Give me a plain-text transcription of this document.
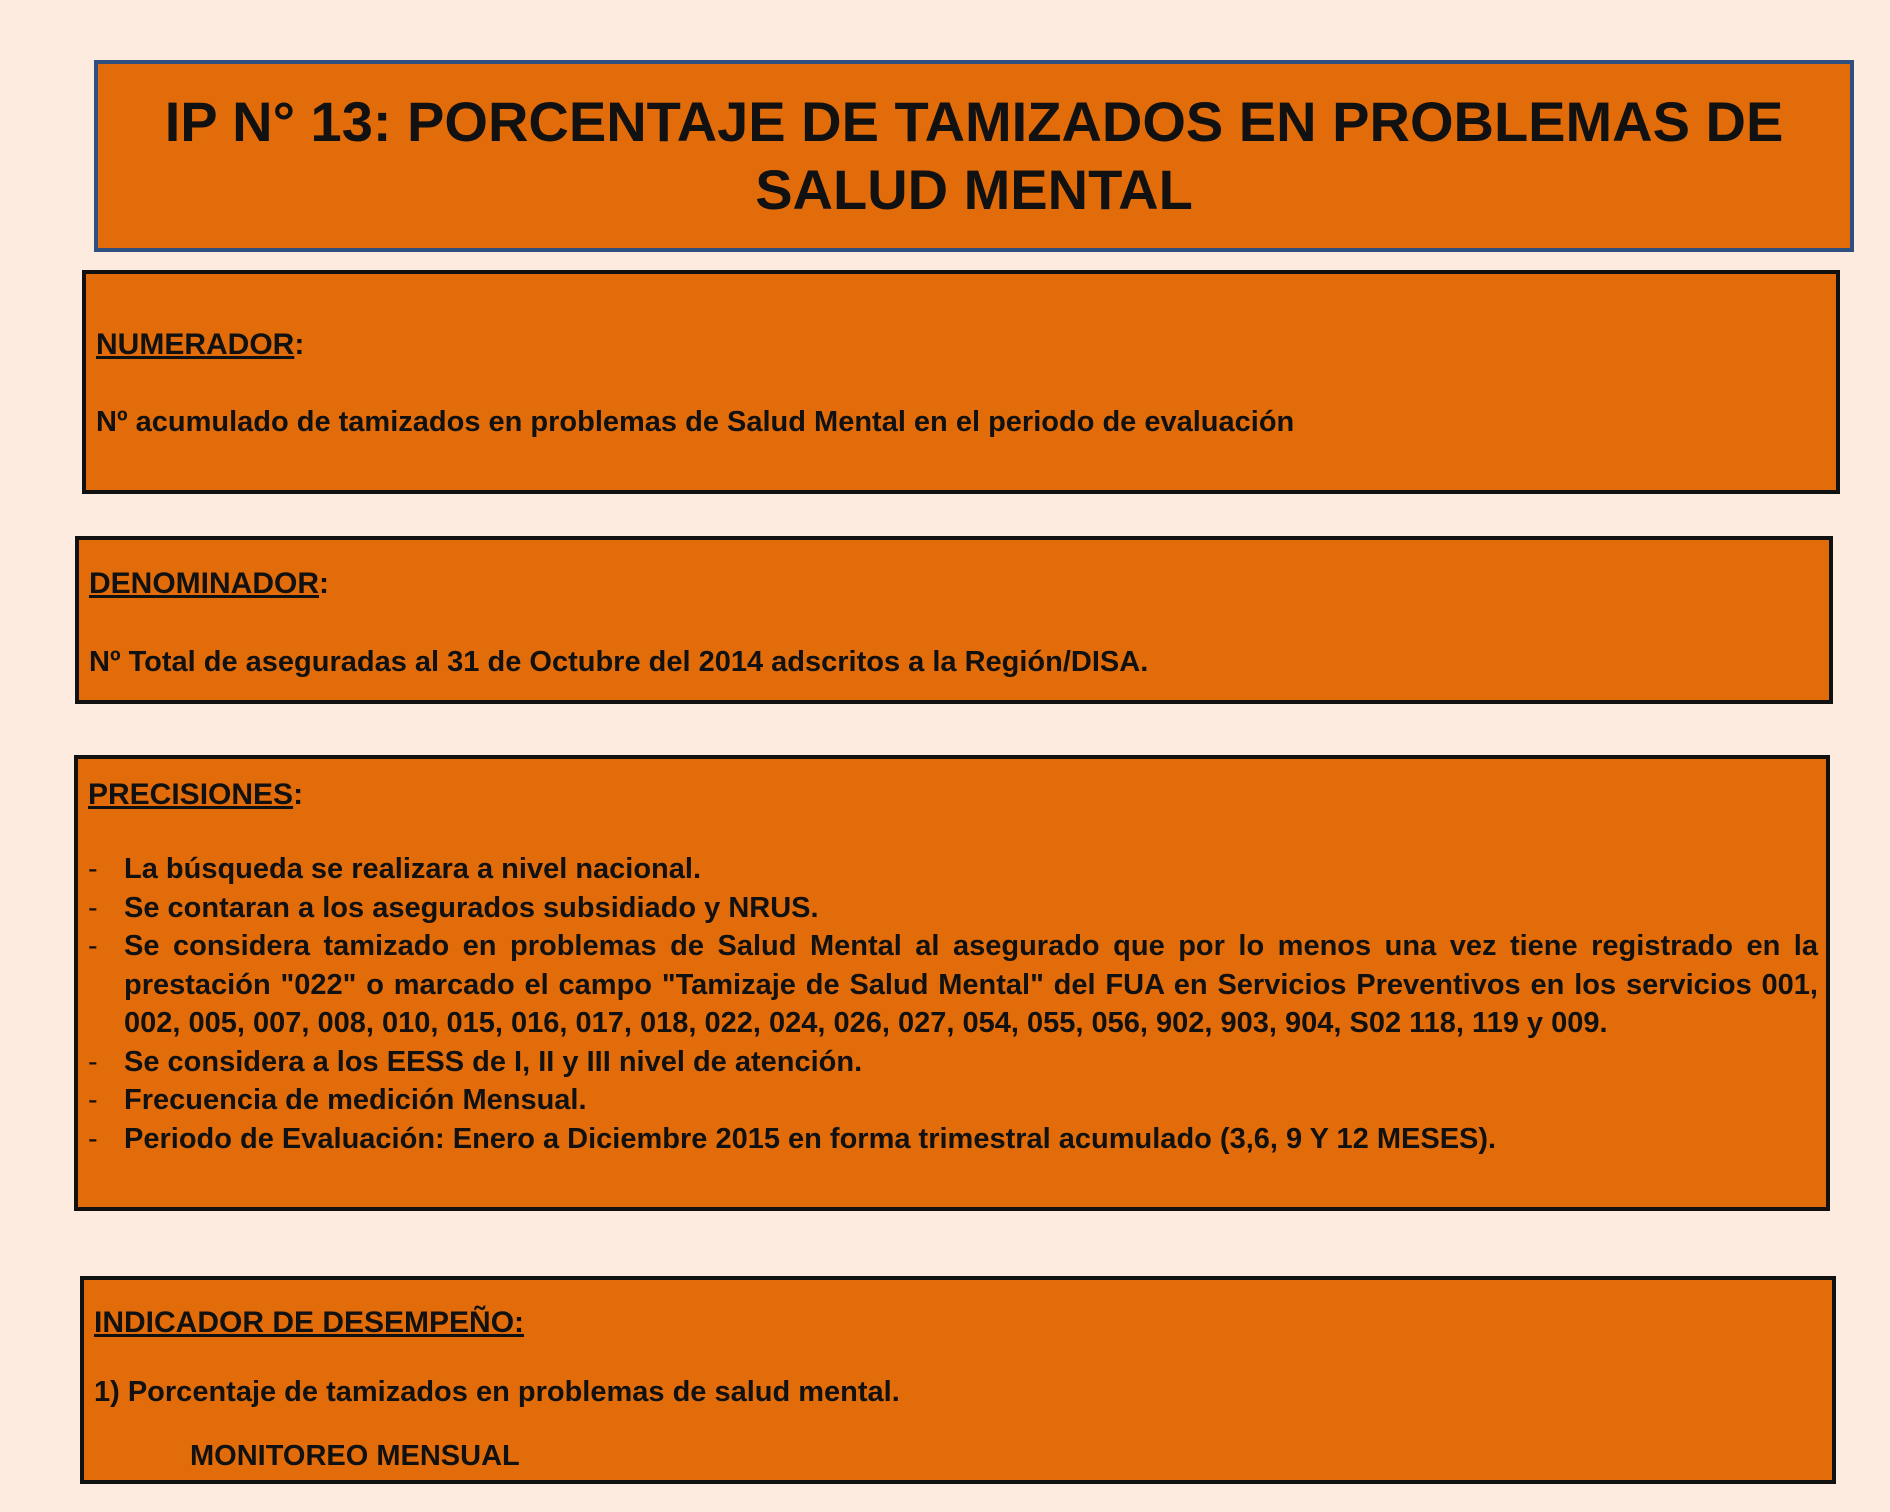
IP N° 13: PORCENTAJE DE TAMIZADOS EN PROBLEMAS DE SALUD MENTAL

NUMERADOR:

Nº acumulado de tamizados en problemas de Salud Mental en el periodo de evaluación

DENOMINADOR:

Nº Total de aseguradas al 31 de Octubre del 2014 adscritos a la Región/DISA.

PRECISIONES:

- La búsqueda se realizara a nivel nacional.
- Se contaran a los asegurados subsidiado y NRUS.
- Se considera tamizado en problemas de Salud Mental al asegurado que por lo menos una vez tiene registrado en la prestación "022" o marcado el campo "Tamizaje de Salud Mental" del FUA en Servicios Preventivos en los servicios 001, 002, 005, 007, 008, 010, 015, 016, 017, 018, 022, 024, 026, 027, 054, 055, 056, 902, 903, 904, S02 118, 119 y 009.
- Se considera a los EESS de I, II y III nivel de atención.
- Frecuencia de medición Mensual.
- Periodo de Evaluación: Enero a Diciembre 2015 en forma trimestral acumulado (3,6, 9 Y 12 MESES).

INDICADOR DE DESEMPEÑO:

1) Porcentaje de tamizados en problemas de salud mental.

MONITOREO MENSUAL
